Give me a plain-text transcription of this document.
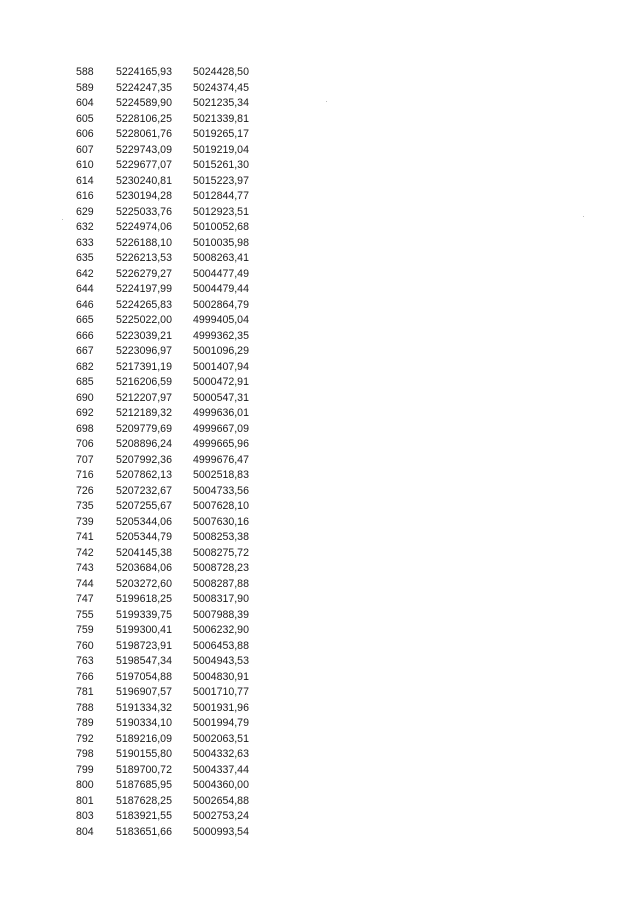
588	5224165,93	5024428,50
589	5224247,35	5024374,45
604	5224589,90	5021235,34
605	5228106,25	5021339,81
606	5228061,76	5019265,17
607	5229743,09	5019219,04
610	5229677,07	5015261,30
614	5230240,81	5015223,97
616	5230194,28	5012844,77
629	5225033,76	5012923,51
632	5224974,06	5010052,68
633	5226188,10	5010035,98
635	5226213,53	5008263,41
642	5226279,27	5004477,49
644	5224197,99	5004479,44
646	5224265,83	5002864,79
665	5225022,00	4999405,04
666	5223039,21	4999362,35
667	5223096,97	5001096,29
682	5217391,19	5001407,94
685	5216206,59	5000472,91
690	5212207,97	5000547,31
692	5212189,32	4999636,01
698	5209779,69	4999667,09
706	5208896,24	4999665,96
707	5207992,36	4999676,47
716	5207862,13	5002518,83
726	5207232,67	5004733,56
735	5207255,67	5007628,10
739	5205344,06	5007630,16
741	5205344,79	5008253,38
742	5204145,38	5008275,72
743	5203684,06	5008728,23
744	5203272,60	5008287,88
747	5199618,25	5008317,90
755	5199339,75	5007988,39
759	5199300,41	5006232,90
760	5198723,91	5006453,88
763	5198547,34	5004943,53
766	5197054,88	5004830,91
781	5196907,57	5001710,77
788	5191334,32	5001931,96
789	5190334,10	5001994,79
792	5189216,09	5002063,51
798	5190155,80	5004332,63
799	5189700,72	5004337,44
800	5187685,95	5004360,00
801	5187628,25	5002654,88
803	5183921,55	5002753,24
804	5183651,66	5000993,54
